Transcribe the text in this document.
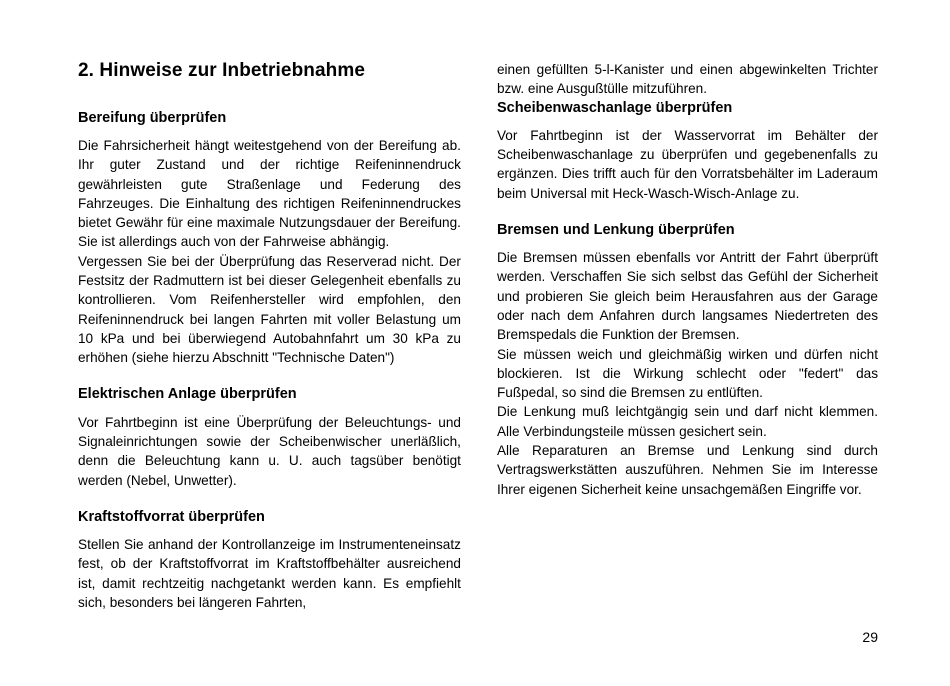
2. Hinweise zur Inbetriebnahme
Bereifung überprüfen

Die Fahrsicherheit hängt weitestgehend von der Bereifung ab. Ihr guter Zustand und der richtige Reifeninnendruck gewährleisten gute Straßenlage und Federung des Fahrzeuges. Die Einhaltung des richtigen Reifeninnendruckes bietet Gewähr für eine maximale Nutzungsdauer der Bereifung. Sie ist allerdings auch von der Fahrweise abhängig.

Vergessen Sie bei der Überprüfung das Reserverad nicht. Der Festsitz der Radmuttern ist bei dieser Gelegenheit ebenfalls zu kontrollieren. Vom Reifenhersteller wird empfohlen, den Reifeninnendruck bei langen Fahrten mit voller Belastung um 10 kPa und bei überwiegend Autobahnfahrt um 30 kPa zu erhöhen (siehe hierzu Abschnitt "Technische Daten")

Elektrischen Anlage überprüfen

Vor Fahrtbeginn ist eine Überprüfung der Beleuchtungs- und Signaleinrichtungen sowie der Scheibenwischer unerläßlich, denn die Beleuchtung kann u. U. auch tagsüber benötigt werden (Nebel, Unwetter).

Kraftstoffvorrat überprüfen

Stellen Sie anhand der Kontrollanzeige im Instrumenteneinsatz fest, ob der Kraftstoffvorrat im Kraftstoffbehälter ausreichend ist, damit rechtzeitig nachgetankt werden kann. Es empfiehlt sich, besonders bei längeren Fahrten,

einen gefüllten 5-l-Kanister und einen abgewinkelten Trichter bzw. eine Ausgußtülle mitzuführen.

Scheibenwaschanlage überprüfen

Vor Fahrtbeginn ist der Wasservorrat im Behälter der Scheibenwaschanlage zu überprüfen und gegebenenfalls zu ergänzen. Dies trifft auch für den Vorratsbehälter im Laderaum beim Universal mit Heck-Wasch-Wisch-Anlage zu.

Bremsen und Lenkung überprüfen

Die Bremsen müssen ebenfalls vor Antritt der Fahrt überprüft werden. Verschaffen Sie sich selbst das Gefühl der Sicherheit und probieren Sie gleich beim Herausfahren aus der Garage oder nach dem Anfahren durch langsames Niedertreten des Bremspedals die Funktion der Bremsen.

Sie müssen weich und gleichmäßig wirken und dürfen nicht blockieren. Ist die Wirkung schlecht oder "federt" das Fußpedal, so sind die Bremsen zu entlüften.

Die Lenkung muß leichtgängig sein und darf nicht klemmen. Alle Verbindungsteile müssen gesichert sein.

Alle Reparaturen an Bremse und Lenkung sind durch Vertragswerkstätten auszuführen. Nehmen Sie im Interesse Ihrer eigenen Sicherheit keine unsachgemäßen Eingriffe vor.

29
